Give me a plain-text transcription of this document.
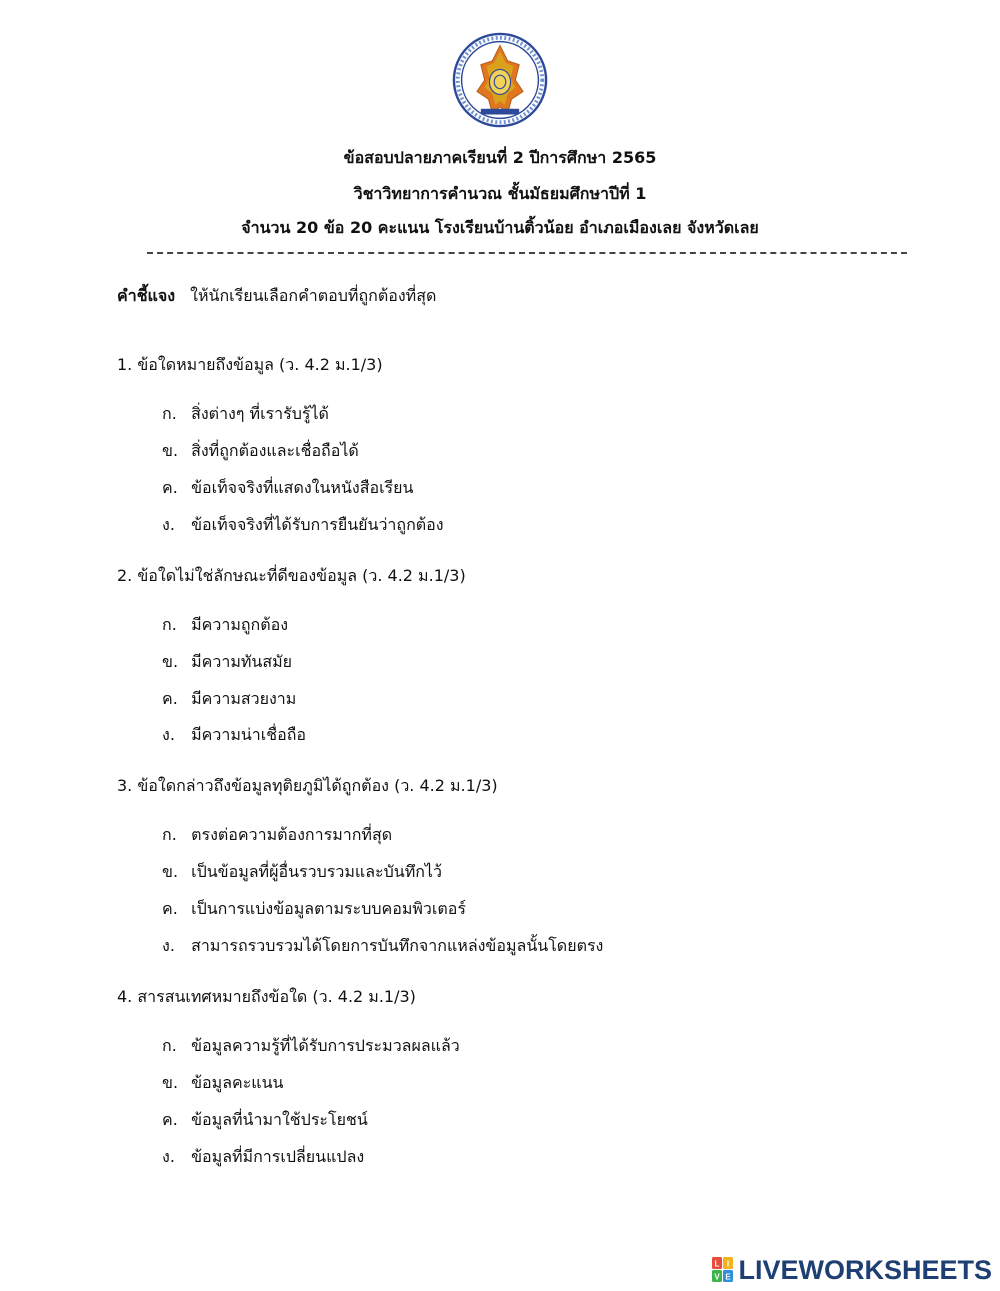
ข้อสอบปลายภาคเรียนที่ 2 ปีการศึกษา 2565
วิชาวิทยาการคำนวณ ชั้นมัธยมศึกษาปีที่ 1
จำนวน 20 ข้อ 20 คะแนน โรงเรียนบ้านติ้วน้อย อำเภอเมืองเลย จังหวัดเลย
คำชี้แจง ให้นักเรียนเลือกคำตอบที่ถูกต้องที่สุด
1. ข้อใดหมายถึงข้อมูล (ว. 4.2 ม.1/3)
ก. สิ่งต่างๆ ที่เรารับรู้ได้
ข. สิ่งที่ถูกต้องและเชื่อถือได้
ค. ข้อเท็จจริงที่แสดงในหนังสือเรียน
ง. ข้อเท็จจริงที่ได้รับการยืนยันว่าถูกต้อง
2. ข้อใดไม่ใช่ลักษณะที่ดีของข้อมูล (ว. 4.2 ม.1/3)
ก. มีความถูกต้อง
ข. มีความทันสมัย
ค. มีความสวยงาม
ง. มีความน่าเชื่อถือ
3. ข้อใดกล่าวถึงข้อมูลทุติยภูมิได้ถูกต้อง (ว. 4.2 ม.1/3)
ก. ตรงต่อความต้องการมากที่สุด
ข. เป็นข้อมูลที่ผู้อื่นรวบรวมและบันทึกไว้
ค. เป็นการแบ่งข้อมูลตามระบบคอมพิวเตอร์
ง. สามารถรวบรวมได้โดยการบันทึกจากแหล่งข้อมูลนั้นโดยตรง
4. สารสนเทศหมายถึงข้อใด (ว. 4.2 ม.1/3)
ก. ข้อมูลความรู้ที่ได้รับการประมวลผลแล้ว
ข. ข้อมูลคะแนน
ค. ข้อมูลที่นำมาใช้ประโยชน์
ง. ข้อมูลที่มีการเปลี่ยนแปลง
L I
V E LIVEWORKSHEETS
